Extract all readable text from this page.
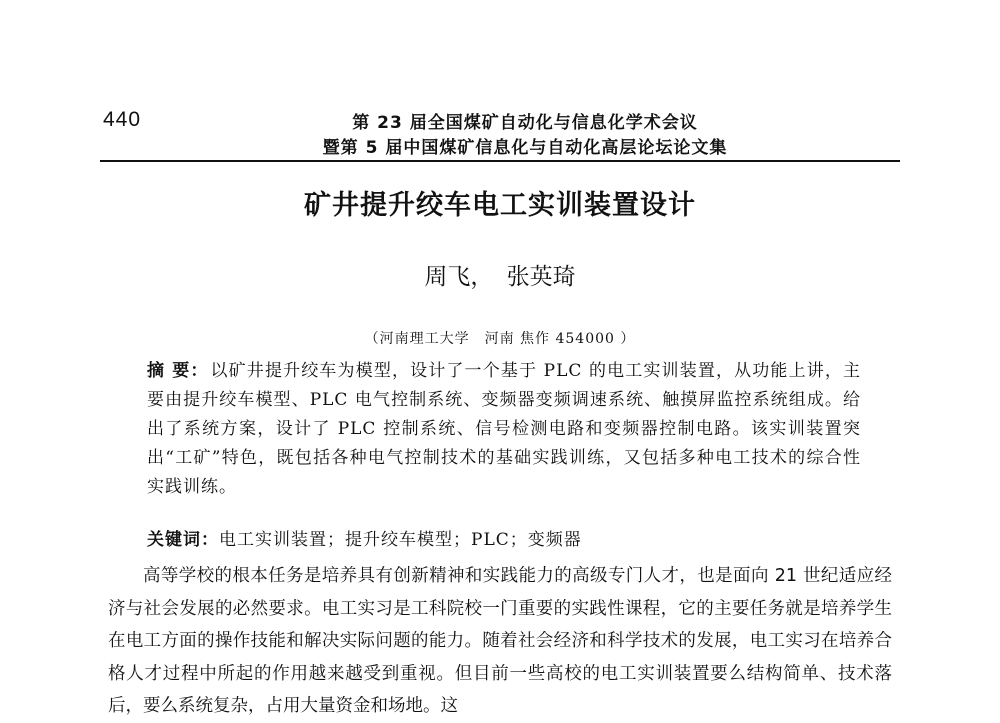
440	第 23 届全国煤矿自动化与信息化学术会议
暨第 5 届中国煤矿信息化与自动化高层论坛论文集
矿井提升绞车电工实训装置设计
周飞， 张英琦
（河南理工大学　河南 焦作 454000 ）
摘 要： 以矿井提升绞车为模型，设计了一个基于 PLC 的电工实训装置，从功能上讲，主要由提升绞车模型、PLC 电气控制系统、变频器变频调速系统、触摸屏监控系统组成。给出了系统方案，设计了 PLC 控制系统、信号检测电路和变频器控制电路。该实训装置突出“工矿”特色，既包括各种电气控制技术的基础实践训练，又包括多种电工技术的综合性实践训练。
关键词：电工实训装置；提升绞车模型；PLC；变频器

高等学校的根本任务是培养具有创新精神和实践能力的高级专门人才，也是面向 21 世纪适应经济与社会发展的必然要求。电工实习是工科院校一门重要的实践性课程，它的主要任务就是培养学生在电工方面的操作技能和解决实际问题的能力。随着社会经济和科学技术的发展，电工实习在培养合格人才过程中所起的作用越来越受到重视。但目前一些高校的电工实训装置要么结构简单、技术落后，要么系统复杂，占用大量资金和场地。这
